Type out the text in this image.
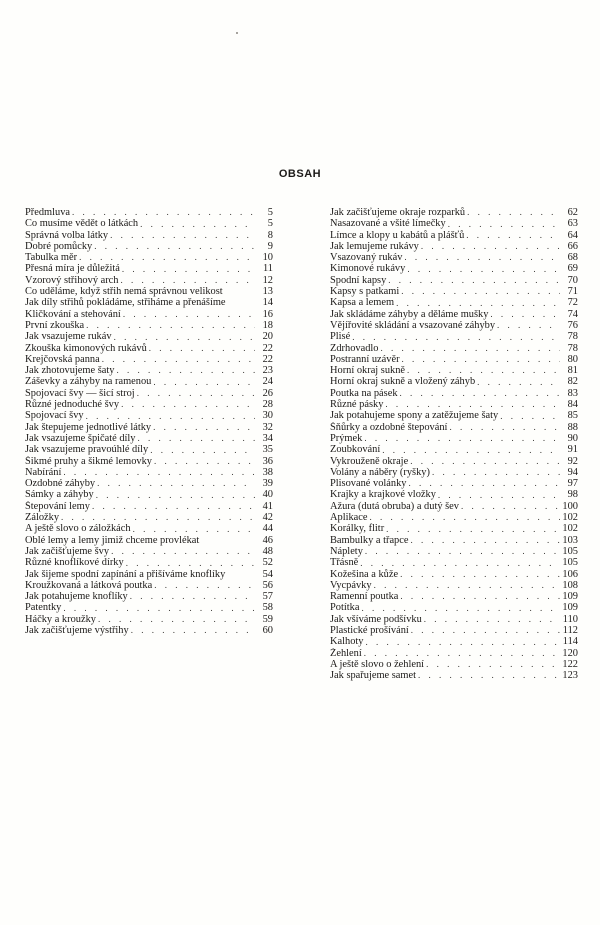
OBSAH
Předmluva . . .	5
Co musíme vědět o látkách . . .	5
Správná volba látky . . .	8
Dobré pomůcky . . .	9
Tabulka měr . . .	10
Přesná míra je důležitá . . .	11
Vzorový střihový arch . . .	12
Co uděláme, když střih nemá správnou velikost	13
Jak díly střihů pokládáme, střiháme a přenášíme	14
Kličkování a stehování . . .	16
První zkouška . . .	18
Jak vsazujeme rukáv . . .	20
Zkouška kimonových rukávů . . .	22
Krejčovská panna . . .	22
Jak zhotovujeme šaty . . .	23
Záševky a záhyby na ramenou . . .	24
Spojovací švy — šicí stroj . . .	26
Různé jednoduché švy . . .	28
Spojovací švy . . .	30
Jak štepujeme jednotlivé látky . . .	32
Jak vsazujeme špičaté díly . . .	34
Jak vsazujeme pravoúhlé díly . . .	35
Šikmé pruhy a šikmé lemovky . . .	36
Nabírání . . .	38
Ozdobné záhyby . . .	39
Sámky a záhyby . . .	40
Štepování lemy . . .	41
Záložky . . .	42
A ještě slovo o záložkách . . .	44
Oblé lemy a lemy jimiž chceme provlékat	46
Jak začišťujeme švy . . .	48
Různé knoflíkové dírky . . .	52
Jak šijeme spodní zapínání a přišíváme knoflíky	54
Kroužkovaná a látková poutka . . .	56
Jak potahujeme knoflíky . . .	57
Patentky . . .	58
Háčky a kroužky . . .	59
Jak začišťujeme výstřihy . . .	60
Jak začišťujeme okraje rozparků . . .	62
Nasazované a všité límečky . . .	63
Límce a klopy u kabátů a plášťů . . .	64
Jak lemujeme rukávy . . .	66
Vsazovaný rukáv . . .	68
Kimonové rukávy . . .	69
Spodní kapsy . . .	70
Kapsy s patkami . . .	71
Kapsa a lemem . . .	72
Jak skládáme záhyby a děláme mušky . . .	74
Vějířovité skládání a vsazované záhyby . . .	76
Plisé . . .	78
Zdrhovadlo . . .	78
Postranní uzávěr . . .	80
Horní okraj sukně . . .	81
Horní okraj sukně a vložený záhyb . . .	82
Poutka na pásek . . .	83
Různé pásky . . .	84
Jak potahujeme spony a zatěžujeme šaty . . .	85
Šňůrky a ozdobné štepování . . .	88
Prýmek . . .	90
Zoubkování . . .	91
Vykrouženě okraje . . .	92
Volány a náběry (ryšky) . . .	94
Plisované volánky . . .	97
Krajky a krajkové vložky . . .	98
Ažura (dutá obruba) a dutý šev . . .	100
Aplikace . . .	102
Korálky, flitr . . .	102
Bambulky a třapce . . .	103
Náplety . . .	105
Třásně . . .	105
Kožešina a kůže . . .	106
Vycpávky . . .	108
Ramenní poutka . . .	109
Potítka . . .	109
Jak všíváme podšívku . . .	110
Plastické prošívání . . .	112
Kalhoty . . .	114
Žehlení . . .	120
A ještě slovo o žehlení . . .	122
Jak spařujeme samet . . .	123
